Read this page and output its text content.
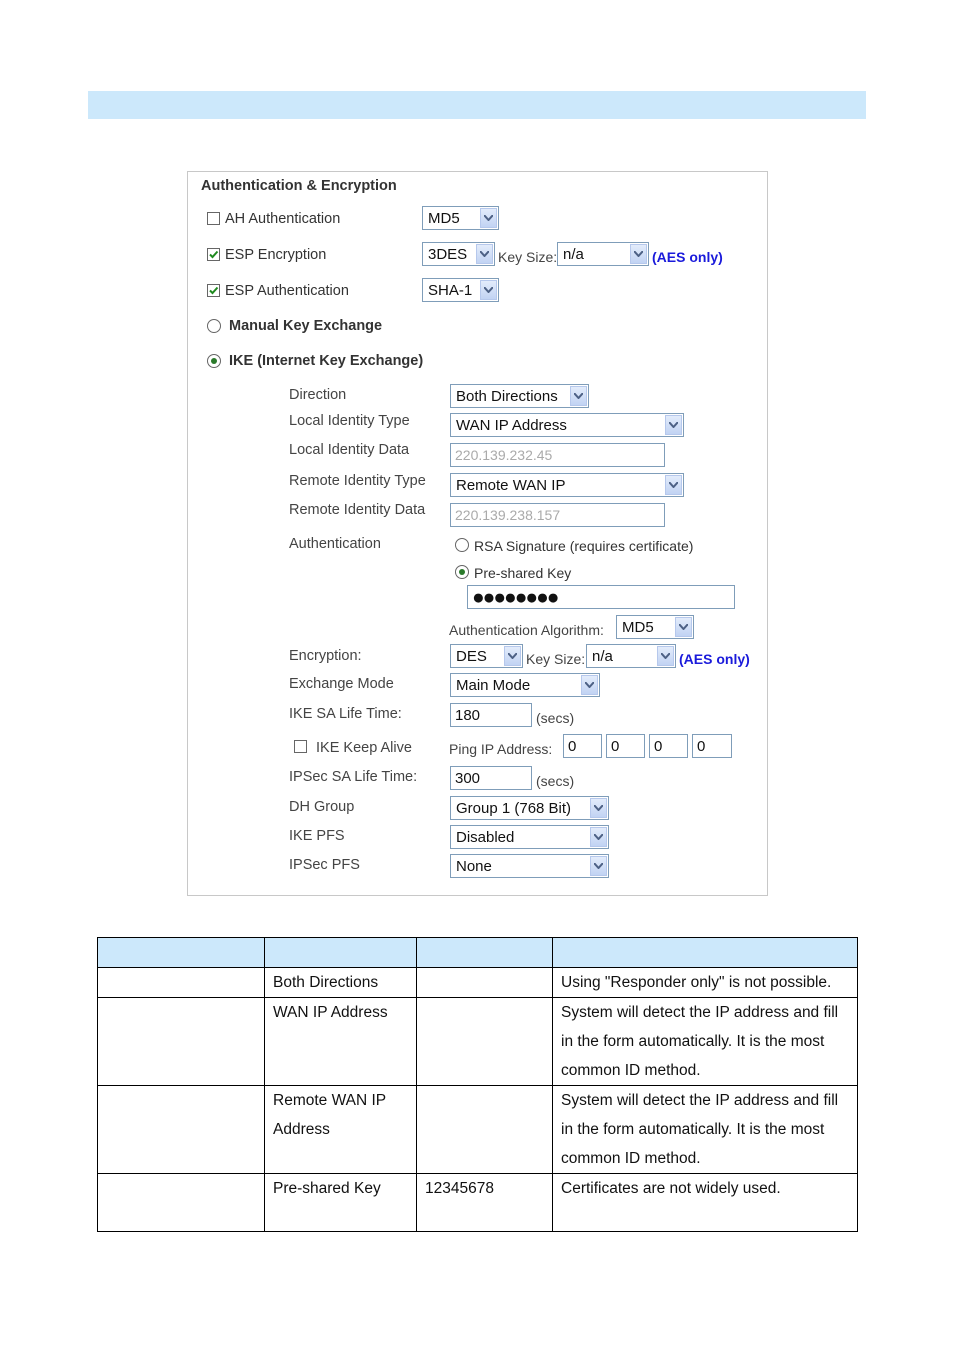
Authentication & Encryption
AH Authentication	MD5
ESP Encryption	3DES Key Size: n/a	(AES only)
ESP Authentication	SHA-1
Manual Key Exchange
IKE (Internet Key Exchange)
Direction	Both Directions
Local Identity Type	WAN IP Address
Local Identity Data	220.139.232.45
Remote Identity Type Remote WAN IP
Remote Identity Data 220.139.238.157
Authentication	RSA Signature (requires certificate)
Pre-shared Key
●●●●●●●●
Authentication Algorithm: MD5
Encryption:	DES	Key Size: n/a	(AES only)
Exchange Mode	Main Mode
IKE SA Life Time:	180	(secs)
IKE Keep Alive	Ping IP Address: 0 0 0 0
IPSec SA Life Time:	300	(secs)
DH Group	Group 1 (768 Bit)
IKE PFS	Disabled
IPSec PFS	None

	Both Directions		Using "Responder only" is not possible.
	WAN IP Address		System will detect the IP address and fill in the form automatically. It is the most common ID method.
	Remote WAN IP Address		System will detect the IP address and fill in the form automatically. It is the most common ID method.
	Pre-shared Key	12345678	Certificates are not widely used.
